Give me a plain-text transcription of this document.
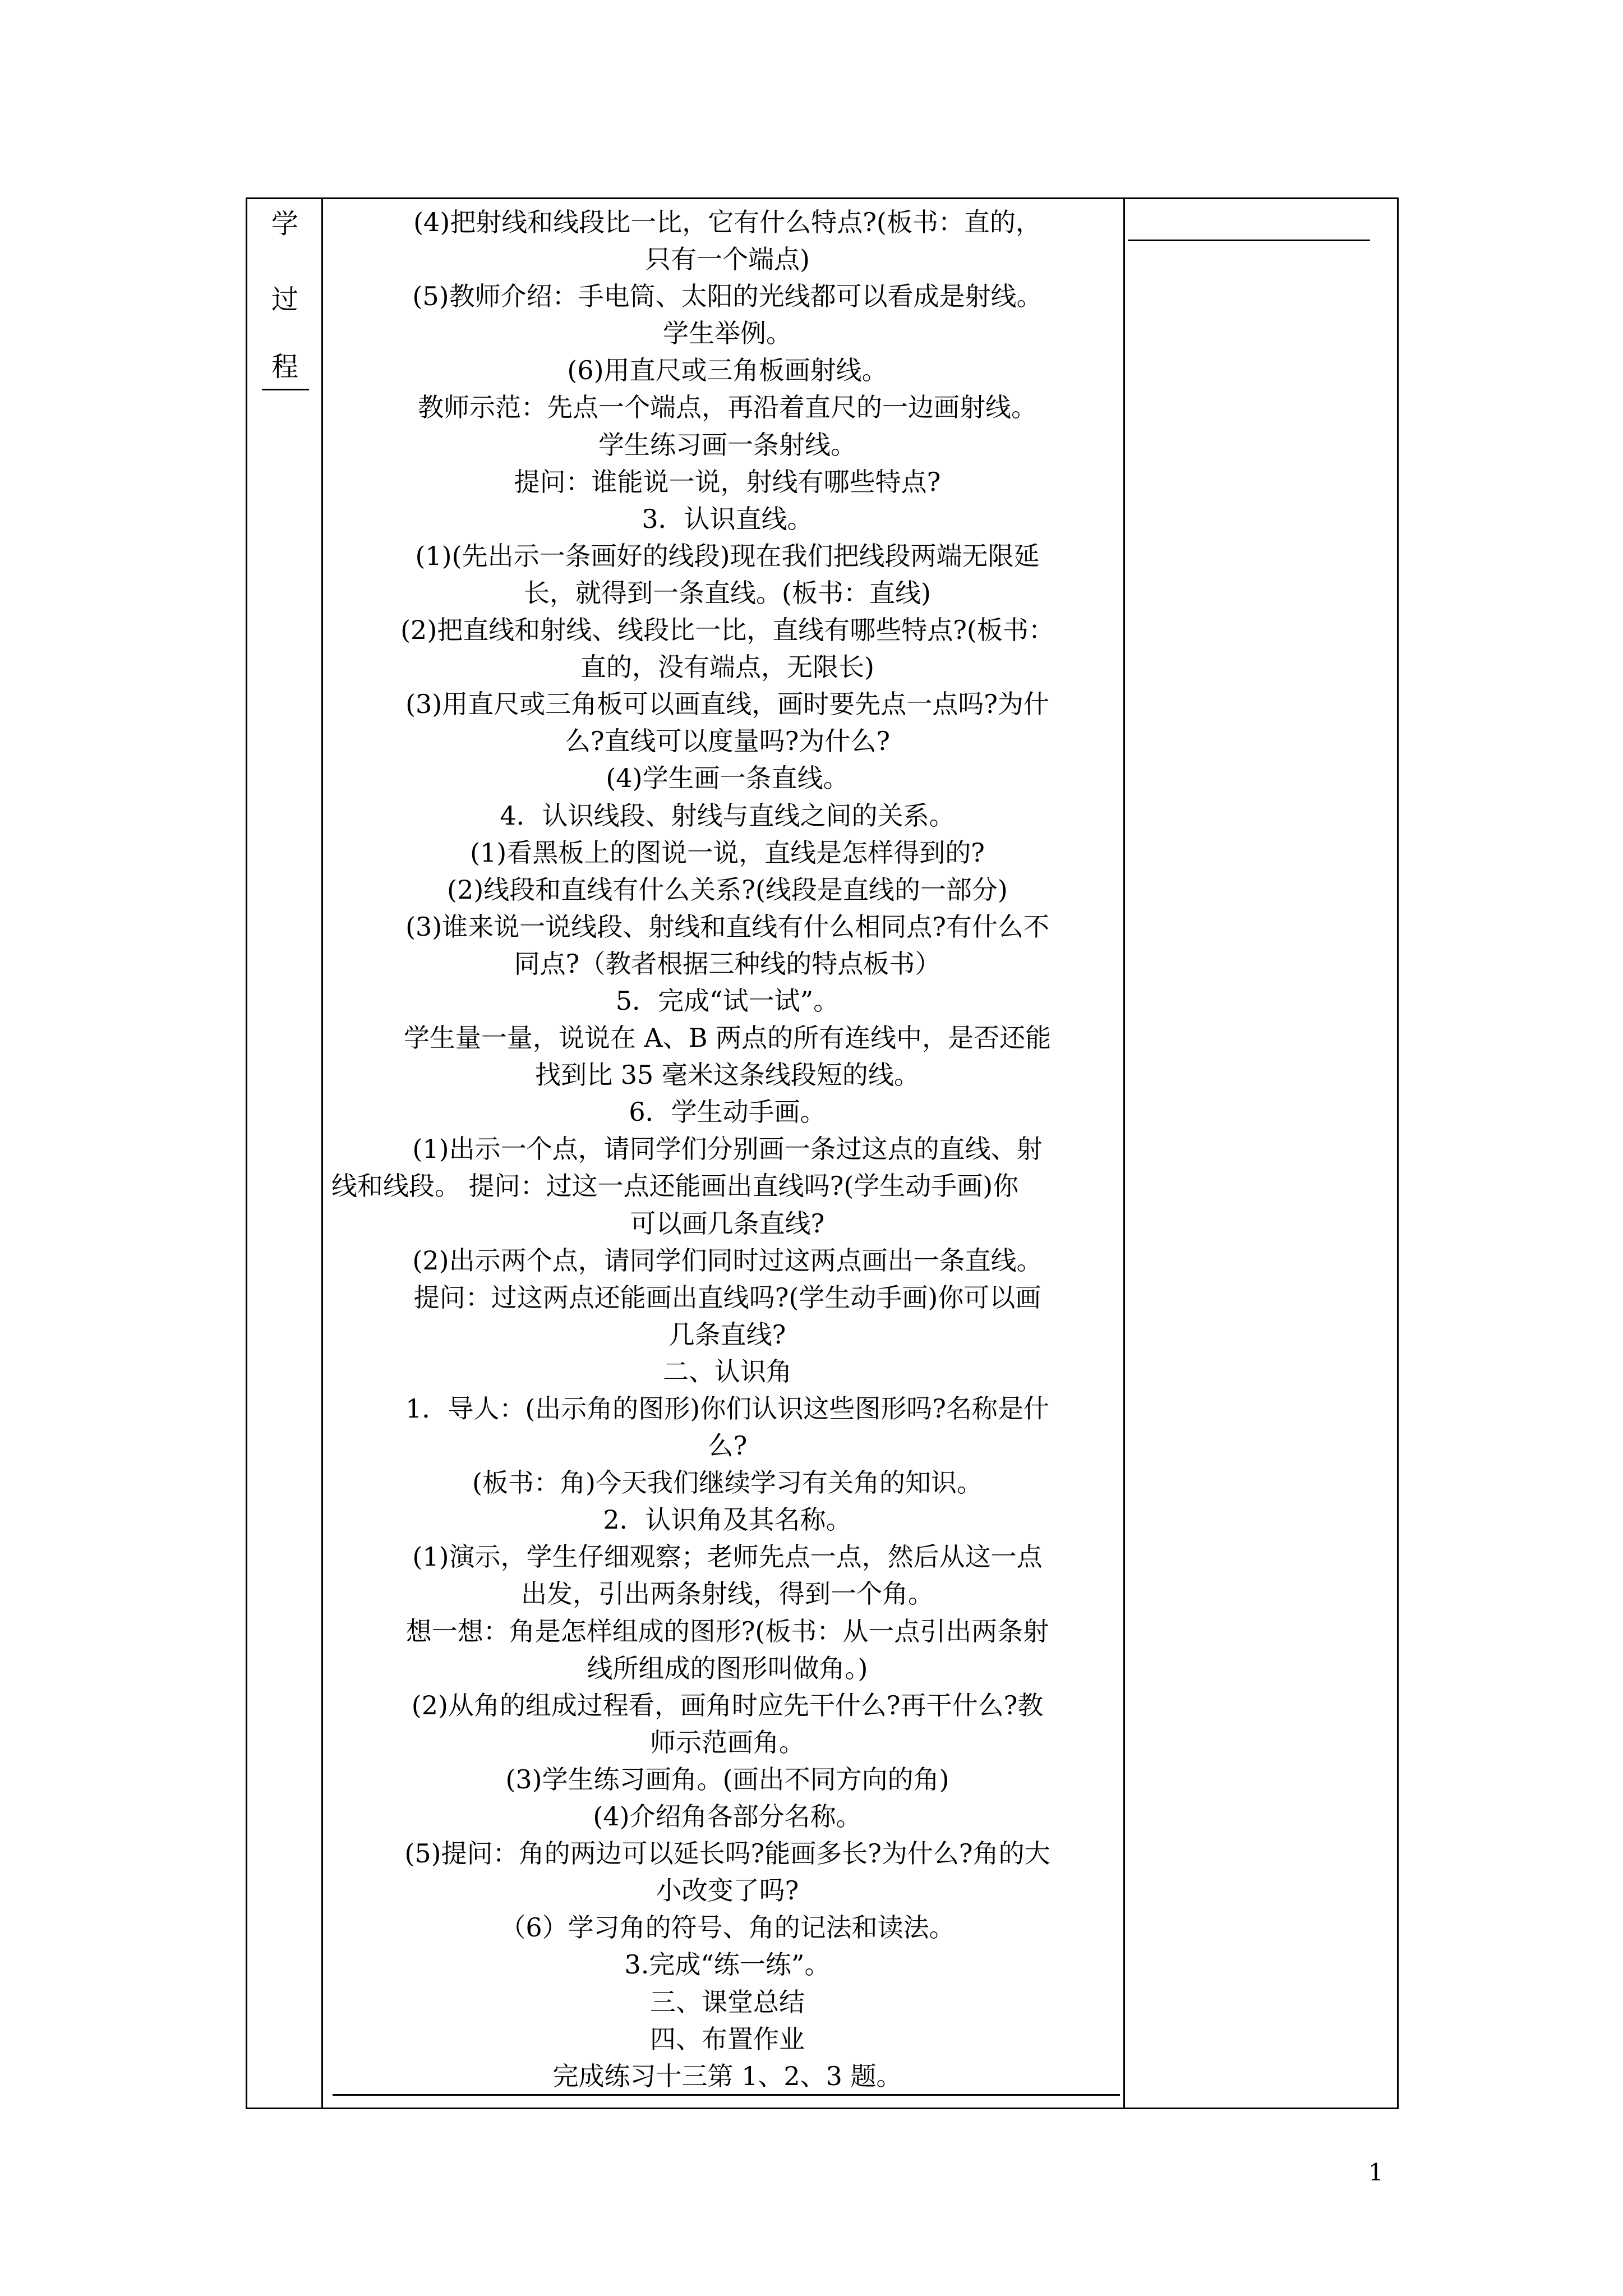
学
过
程
(4)把射线和线段比一比，它有什么特点?(板书：直的，
只有一个端点)
(5)教师介绍：手电筒、太阳的光线都可以看成是射线。
学生举例。
(6)用直尺或三角板画射线。
教师示范：先点一个端点，再沿着直尺的一边画射线。
学生练习画一条射线。
提问：谁能说一说，射线有哪些特点?
3．认识直线。
(1)(先出示一条画好的线段)现在我们把线段两端无限延
长，就得到一条直线。(板书：直线)
(2)把直线和射线、线段比一比，直线有哪些特点?(板书：
直的，没有端点，无限长)
(3)用直尺或三角板可以画直线，画时要先点一点吗?为什
么?直线可以度量吗?为什么?
(4)学生画一条直线。
4．认识线段、射线与直线之间的关系。
(1)看黑板上的图说一说，直线是怎样得到的?
(2)线段和直线有什么关系?(线段是直线的一部分)
(3)谁来说一说线段、射线和直线有什么相同点?有什么不
同点?（教者根据三种线的特点板书）
5．完成“试一试”。
学生量一量，说说在 A、B 两点的所有连线中，是否还能
找到比 35 毫米这条线段短的线。
6．学生动手画。
(1)出示一个点，请同学们分别画一条过这点的直线、射
线和线段。 提问：过这一点还能画出直线吗?(学生动手画)你
可以画几条直线?
(2)出示两个点，请同学们同时过这两点画出一条直线。
提问：过这两点还能画出直线吗?(学生动手画)你可以画
几条直线?
二、认识角
1．导人：(出示角的图形)你们认识这些图形吗?名称是什
么?
(板书：角)今天我们继续学习有关角的知识。
2．认识角及其名称。
(1)演示，学生仔细观察；老师先点一点，然后从这一点
出发，引出两条射线，得到一个角。
想一想：角是怎样组成的图形?(板书：从一点引出两条射
线所组成的图形叫做角。)
(2)从角的组成过程看，画角时应先干什么?再干什么?教
师示范画角。
(3)学生练习画角。(画出不同方向的角)
(4)介绍角各部分名称。
(5)提问：角的两边可以延长吗?能画多长?为什么?角的大
小改变了吗?
（6）学习角的符号、角的记法和读法。
3.完成“练一练”。
三、课堂总结
四、布置作业
完成练习十三第 1、2、3 题。
1
